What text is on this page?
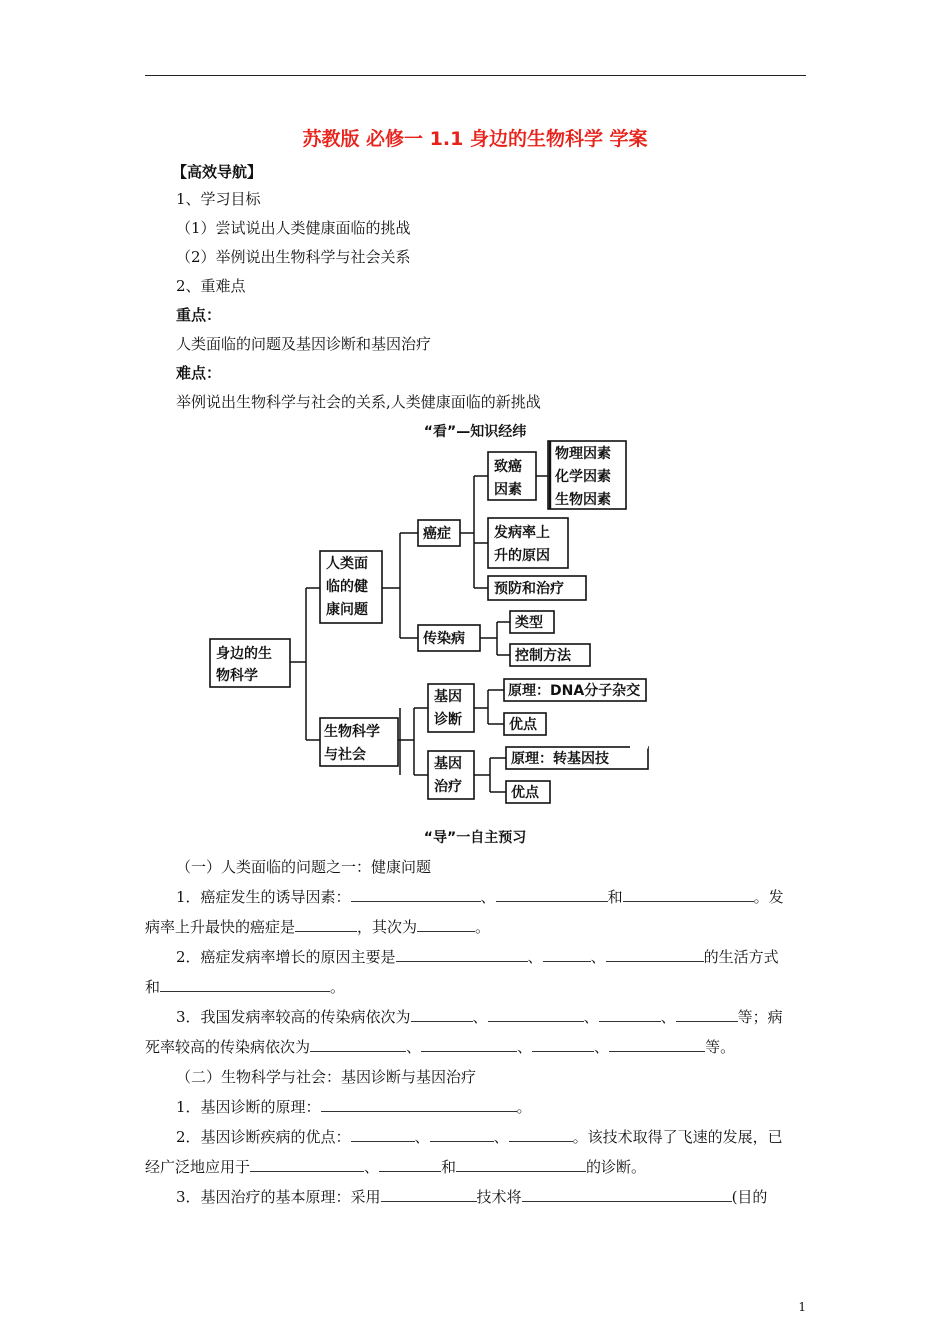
苏教版 必修一 1.1 身边的生物科学 学案
【高效导航】
1、学习目标
（1）尝试说出人类健康面临的挑战
（2）举例说出生物科学与社会关系
2、重难点
重点：
人类面临的问题及基因诊断和基因治疗
难点：
举例说出生物科学与社会的关系,人类健康面临的新挑战
“看”—知识经纬
身边的生
物科学
人类面
临的健
康问题
癌症
致癌
因素
物理因素
化学因素
生物因素
发病率上
升的原因
预防和治疗
传染病
类型
控制方法
生物科学
与社会
基因
诊断
原理：DNA分子杂交
优点
基因
治疗
原理：转基因技
优点
“导”一自主预习
（一）人类面临的问题之一：健康问题
1．癌症发生的诱导因素：	、	和	。发
病率上升最快的癌症是	，其次为	。
2．癌症发病率增长的原因主要是	、	、	的生活方式
和	。
3．我国发病率较高的传染病依次为	、	、	、	等；病
死率较高的传染病依次为	、	、	、	等。
（二）生物科学与社会：基因诊断与基因治疗
1．基因诊断的原理：	。
2．基因诊断疾病的优点：	、	、	。该技术取得了飞速的发展，已
经广泛地应用于	、	和	的诊断。
3．基因治疗的基本原理：采用	技术将	(目的
1
